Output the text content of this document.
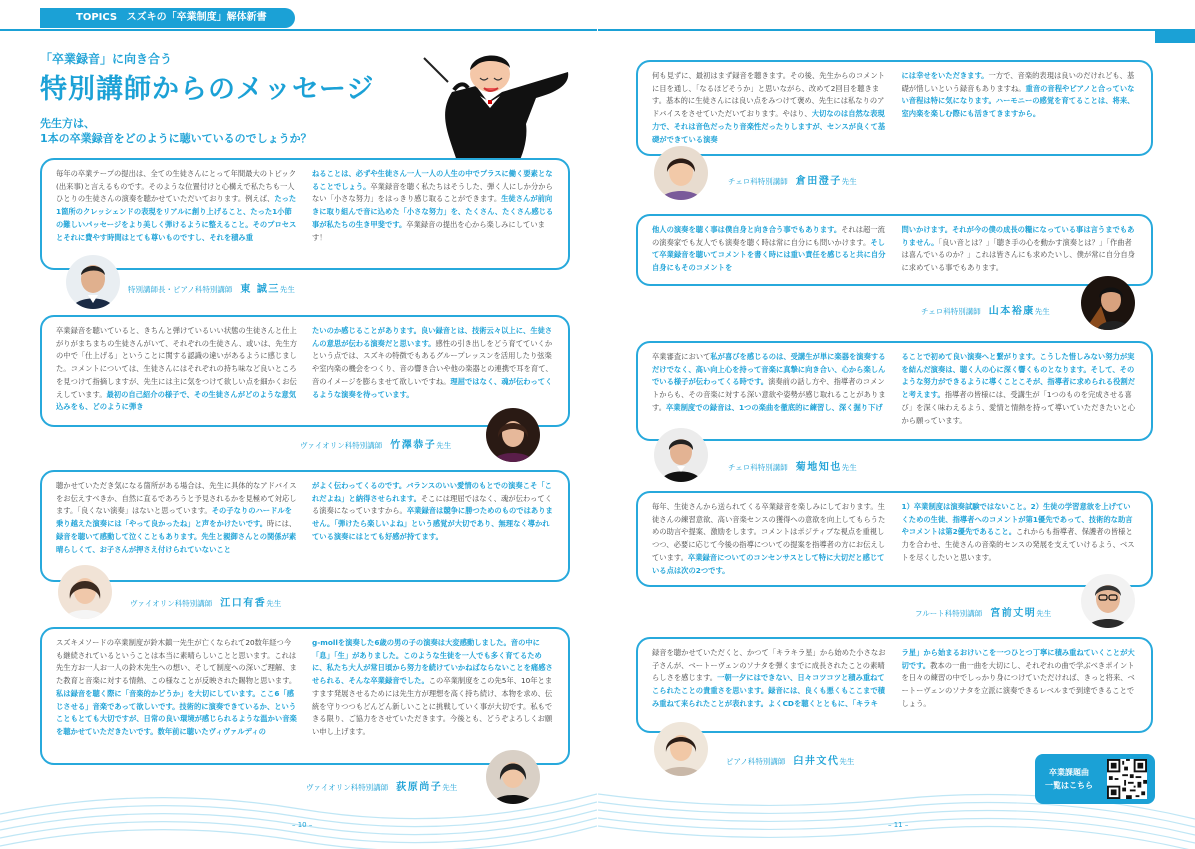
TOPICS スズキの「卒業制度」解体新書
「卒業録音」に向き合う
特別講師からのメッセージ
先生方は、
1本の卒業録音をどのように聴いているのでしょうか？
毎年の卒業テープの提出は、全ての生徒さんにとって年間最大のトピック(出来事)と言えるものです。そのような位置付けと心構えで私たちも一人ひとりの生徒さんの演奏を聴かせていただいております。例えば、たった1箇所のクレッシェンドの表現をリアルに創り上げること、たった1小節の難しいパッセージをより美しく弾けるように整えること。そのプロセスとそれに費やす時間はとても尊いものですし、それを積み重
ねることは、必ずや生徒さん一人一人の人生の中でプラスに働く要素となることでしょう。卒業録音を聴く私たちはそうした、弾く人にしか分からない「小さな努力」をはっきり感じ取ることができます。生徒さんが前向きに取り組んで音に込めた「小さな努力」を、たくさん、たくさん感じる事が私たちの生き甲斐です。卒業録音の提出を心から楽しみにしています！
特別講師長・ピアノ科特別講師 東 誠三先生
卒業録音を聴いていると、きちんと弾けているいい状態の生徒さんと仕上がりがまちまちの生徒さんがいて、それぞれの生徒さん、或いは、先生方の中で「仕上げる」ということに関する認識の違いがあるように感じました。コメントについては、生徒さんにはそれぞれの持ち味など良いところを見つけて指摘しますが、先生には主に気をつけて欲しい点を細かくお伝えしています。最初の自己紹介の様子で、その生徒さんがどのような意気込みをも、どのように弾き
たいのか感じることがあります。良い録音とは、技術云々以上に、生徒さんの意思が伝わる演奏だと思います。感性の引き出しをどう育てていくかという点では、スズキの特徴でもあるグループレッスンを活用したり弦楽や室内楽の機会をつくり、音の響き合いや他の楽器との連携で耳を育て、音のイメージを膨らませて欲しいですね。理屈ではなく、魂が伝わってくるような演奏を待っています。
ヴァイオリン科特別講師 竹澤恭子先生
聴かせていただき気になる箇所がある場合は、先生に具体的なアドバイスをお伝えすべきか、自然に直るであろうと予見されるかを見極めて対応します。「良くない演奏」はないと思っています。その子なりのハードルを乗り越えた演奏には「やって良かったね」と声をかけたいです。時には、録音を聴いて感動して泣くこともあります。先生と親御さんとの関係が素晴らしくて、お子さんが押さえ付けられていないこと
がよく伝わってくるのです。バランスのいい愛情のもとでの演奏こそ「これだよね」と納得させられます。そこには理屈ではなく、魂が伝わってくる演奏になっていますから。卒業録音は競争に勝つためのものではありません。「弾けたら楽しいよね」という感覚が大切であり、無理なく導かれている演奏にはとても好感が持てます。
ヴァイオリン科特別講師 江口有香先生
スズキメソードの卒業制度が鈴木鎮一先生が亡くなられて20数年経つ今も継続されているということは本当に素晴らしいことと思います。これは先生方お一人お一人の鈴木先生への想い、そして制度への深いご理解、また教育と音楽に対する情熱、この様なことが反映された賜物と思います。私は録音を聴く際に「音楽的かどうか」を大切にしています。ここ6「感じさせる」音楽であって欲しいです。技術的に演奏できているか、ということもとても大切ですが、日常の良い環境が感じられるような温かい音楽を聴かせていただきたいです。数年前に聴いたヴィヴァルディの
g-mollを演奏した6歳の男の子の演奏は大変感動しました。音の中に「息」「生」がありました。このような生徒を一人でも多く育てるために、私たち大人が常日頃から努力を続けていかねばならないことを痛感させられる、そんな卒業録音でした。この卒業制度をこの先5年、10年とますます発展させるためには先生方が理想を高く持ち続け、本物を求め、伝統を守りつつもどんどん新しいことに挑戦していく事が大切です。私もできる限り、ご協力をさせていただきます。今後とも、どうぞよろしくお願い申し上げます。
ヴァイオリン科特別講師 荻原尚子先生
– 10 –
何も見ずに、最初はまず録音を聴きます。その後、先生からのコメントに目を通し、「なるほどそうか」と思いながら、改めて2回目を聴きます。基本的に生徒さんには良い点をみつけて褒め、先生には私なりのアドバイスをさせていただいております。やはり、大切なのは自然な表現力で、それは音色だったり音楽性だったりしますが、センスが良くて基礎ができている演奏
には幸せをいただきます。一方で、音楽的表現は良いのだけれども、基礎が惜しいという録音もありますね。重音の音程やピアノと合っていない音程は特に気になります。ハーモニーの感覚を育てることは、将来、室内楽を楽しむ際にも活きてきますから。
チェロ科特別講師 倉田澄子先生
他人の演奏を聴く事は僕自身と向き合う事でもあります。それは超一流の演奏家でも友人でも演奏を聴く時は常に自分にも問いかけます。そして卒業録音を聴いてコメントを書く時には重い責任を感じると共に自分自身にもそのコメントを
問いかけます。それが今の僕の成長の糧になっている事は言うまでもありません。「良い音とは？」「聴き手の心を動かす演奏とは？」「作曲者は喜んでいるのか？」これは皆さんにも求めたいし、僕が常に自分自身に求めている事でもあります。
チェロ科特別講師 山本裕康先生
卒業審査において私が喜びを感じるのは、受講生が単に楽器を演奏するだけでなく、高い向上心を持って音楽に真摯に向き合い、心から楽しんでいる様子が伝わってくる時です。演奏前の話し方や、指導者のコメントからも、その音楽に対する深い意欲や姿勢が感じ取れることがあります。卒業制度での録音は、1つの楽曲を徹底的に練習し、深く掘り下げ
ることで初めて良い演奏へと繋がります。こうした惜しみない努力が実を結んだ演奏は、聴く人の心に深く響くものとなります。そして、そのような努力ができるように導くことこそが、指導者に求められる役割だと考えます。指導者の皆様には、受講生が「1つのものを完成させる喜び」を深く味わえるよう、愛情と情熱を持って導いていただきたいと心から願っています。
チェロ科特別講師 菊地知也先生
毎年、生徒さんから送られてくる卒業録音を楽しみにしております。生徒さんの練習意欲、高い音楽センスの獲得への意欲を向上してもらうための助言や提案、激励をします。コメントはポジティブな視点を重視しつつ、必要に応じて今後の指導についての提案を指導者の方にお伝えしています。卒業録音についてのコンセンサスとして特に大切だと感じている点は次の2つです。
1）卒業制度は演奏試験ではないこと。2）生徒の学習意欲を上げていくための生徒、指導者へのコメントが第1優先であって、技術的な助言やコメントは第2優先であること。これからも指導者、保護者の皆様と力を合わせ、生徒さんの音楽的センスの発展を支えていけるよう、ベストを尽くしたいと思います。
フルート科特別講師 宮前丈明先生
録音を聴かせていただくと、かつて「キラキラ星」から始めた小さなお子さんが、ベートーヴェンのソナタを弾くまでに成長されたことの素晴らしさを感じます。一朝一夕にはできない、日々コツコツと積み重ねてこられたことの貴重さを思います。録音には、良くも悪くもここまで積み重ねて来られたことが表れます。よくCDを聴くとともに、「キラキ
ラ星」から始まるおけいこを一つひとつ丁寧に積み重ねていくことが大切です。教本の一曲一曲を大切にし、それぞれの曲で学ぶべきポイントを日々の練習の中でしっかり身につけていただければ、きっと将来、ベートーヴェンのソナタを立派に演奏できるレベルまで到達できることでしょう。
ピアノ科特別講師 臼井文代先生
卒業課題曲
一覧はこちら
– 11 –
